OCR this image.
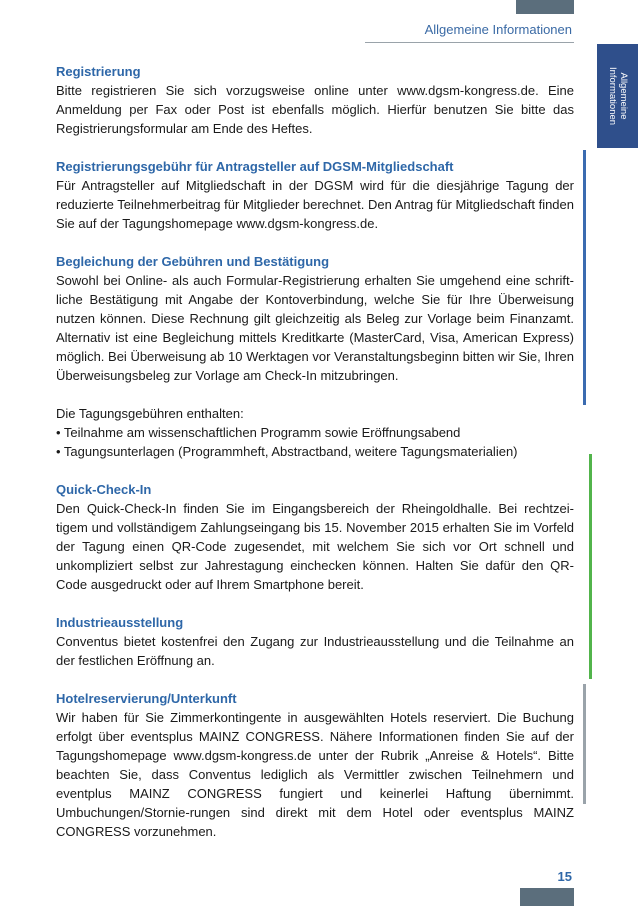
Allgemeine Informationen
Allgemeine
Informationen
Registrierung
Bitte registrieren Sie sich vorzugsweise online unter www.dgsm-kongress.de. Eine Anmeldung per Fax oder Post ist ebenfalls möglich. Hierfür benutzen Sie bitte das Registrierungsformular am Ende des Heftes.
Registrierungsgebühr für Antragsteller auf DGSM-Mitgliedschaft
Für Antragsteller auf Mitgliedschaft in der DGSM wird für die diesjährige Tagung der reduzierte Teilnehmerbeitrag für Mitglieder berechnet. Den Antrag für Mitgliedschaft finden Sie auf der Tagungshomepage www.dgsm-kongress.de.
Begleichung der Gebühren und Bestätigung
Sowohl bei Online- als auch Formular-Registrierung erhalten Sie umgehend eine schrift-liche Bestätigung mit Angabe der Kontoverbindung, welche Sie für Ihre Überweisung nutzen können. Diese Rechnung gilt gleichzeitig als Beleg zur Vorlage beim Finanzamt. Alternativ ist eine Begleichung mittels Kreditkarte (MasterCard, Visa, American Express) möglich. Bei Überweisung ab 10 Werktagen vor Veranstaltungsbeginn bitten wir Sie, Ihren Überweisungsbeleg zur Vorlage am Check-In mitzubringen.
Die Tagungsgebühren enthalten:
• Teilnahme am wissenschaftlichen Programm sowie Eröffnungsabend
• Tagungsunterlagen (Programmheft, Abstractband, weitere Tagungsmaterialien)
Quick-Check-In
Den Quick-Check-In finden Sie im Eingangsbereich der Rheingoldhalle. Bei rechtzei-tigem und vollständigem Zahlungseingang bis 15. November 2015 erhalten Sie im Vorfeld der Tagung einen QR-Code zugesendet, mit welchem Sie sich vor Ort schnell und unkompliziert selbst zur Jahrestagung einchecken können. Halten Sie dafür den QR-Code ausgedruckt oder auf Ihrem Smartphone bereit.
Industrieausstellung
Conventus bietet kostenfrei den Zugang zur Industrieausstellung und die Teilnahme an der festlichen Eröffnung an.
Hotelreservierung/Unterkunft
Wir haben für Sie Zimmerkontingente in ausgewählten Hotels reserviert. Die Buchung erfolgt über eventsplus MAINZ CONGRESS. Nähere Informationen finden Sie auf der Tagungshomepage www.dgsm-kongress.de unter der Rubrik „Anreise & Hotels“. Bitte beachten Sie, dass Conventus lediglich als Vermittler zwischen Teilnehmern und eventplus MAINZ CONGRESS fungiert und keinerlei Haftung übernimmt. Umbuchungen/Stornie-rungen sind direkt mit dem Hotel oder eventsplus MAINZ CONGRESS vorzunehmen.
15
